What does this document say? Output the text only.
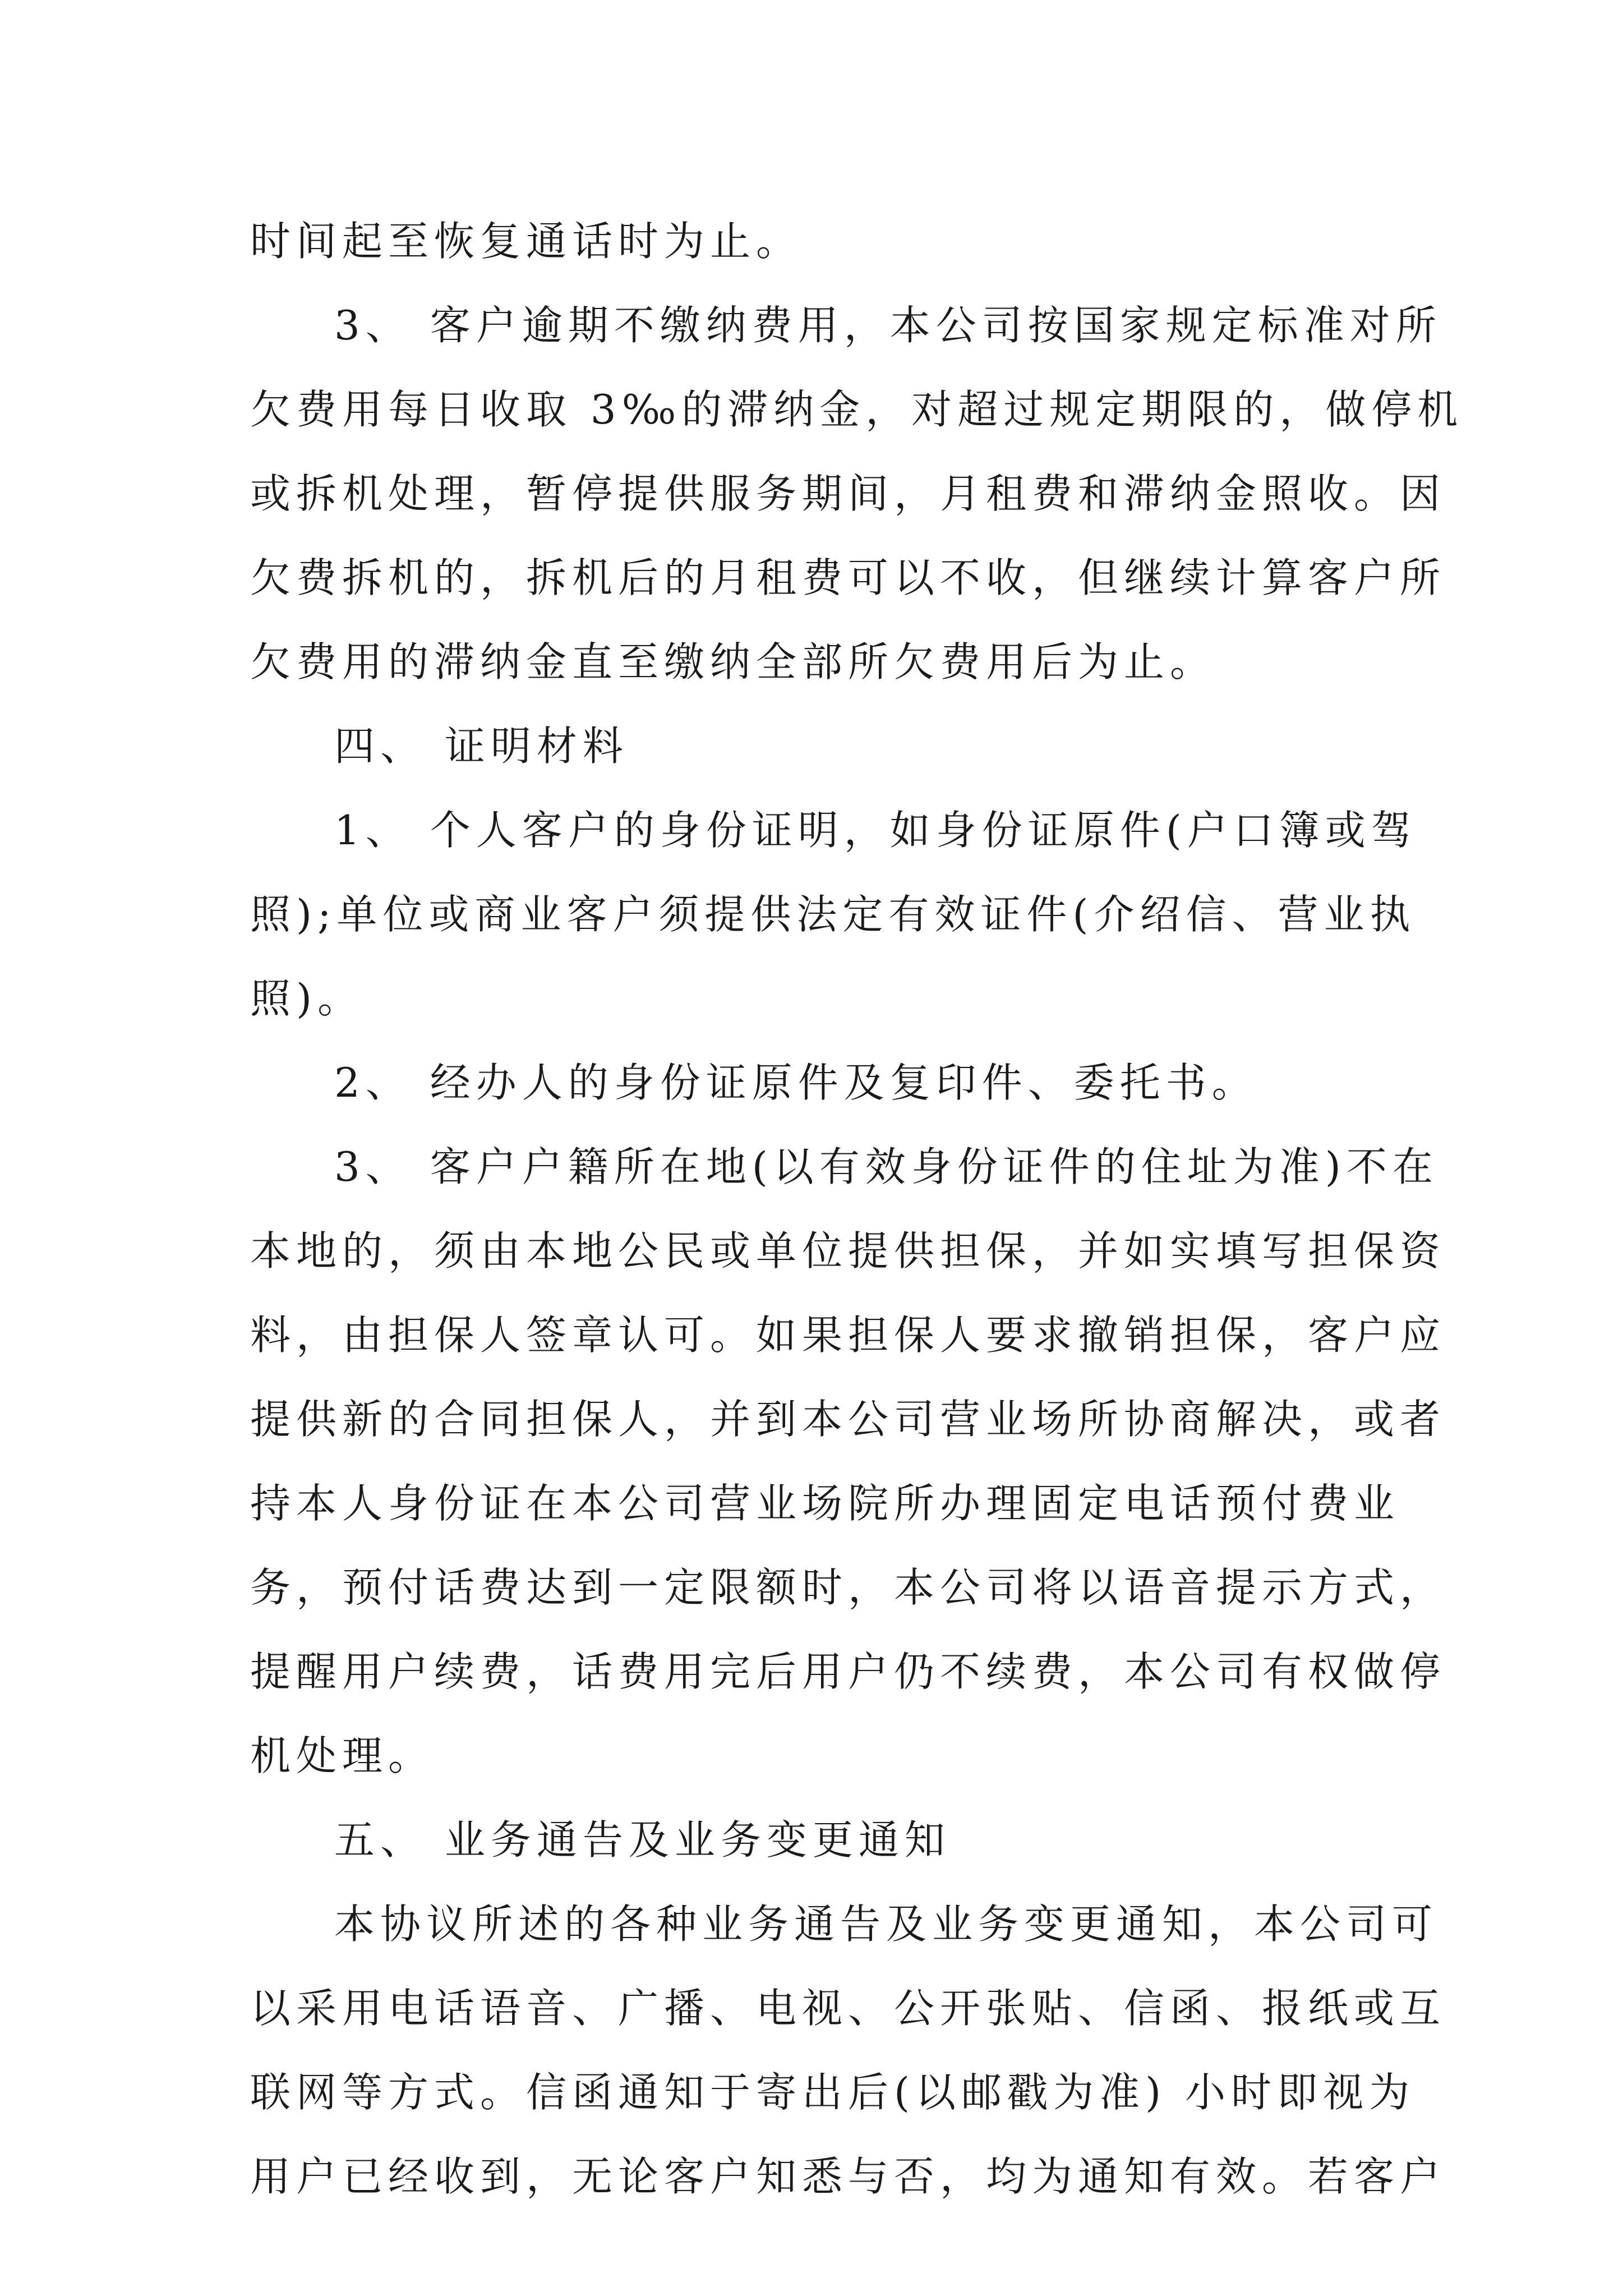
时间起至恢复通话时为止。
3、 客户逾期不缴纳费用，本公司按国家规定标准对所
欠费用每日收取 3‰的滞纳金，对超过规定期限的，做停机
或拆机处理，暂停提供服务期间，月租费和滞纳金照收。因
欠费拆机的，拆机后的月租费可以不收，但继续计算客户所
欠费用的滞纳金直至缴纳全部所欠费用后为止。
四、 证明材料
1、 个人客户的身份证明，如身份证原件(户口簿或驾
照);单位或商业客户须提供法定有效证件(介绍信、营业执
照)。
2、 经办人的身份证原件及复印件、委托书。
3、 客户户籍所在地(以有效身份证件的住址为准)不在
本地的，须由本地公民或单位提供担保，并如实填写担保资
料，由担保人签章认可。如果担保人要求撤销担保，客户应
提供新的合同担保人，并到本公司营业场所协商解决，或者
持本人身份证在本公司营业场院所办理固定电话预付费业
务，预付话费达到一定限额时，本公司将以语音提示方式，
提醒用户续费，话费用完后用户仍不续费，本公司有权做停
机处理。
五、 业务通告及业务变更通知
本协议所述的各种业务通告及业务变更通知，本公司可
以采用电话语音、广播、电视、公开张贴、信函、报纸或互
联网等方式。信函通知于寄出后(以邮戳为准) 小时即视为
用户已经收到，无论客户知悉与否，均为通知有效。若客户
